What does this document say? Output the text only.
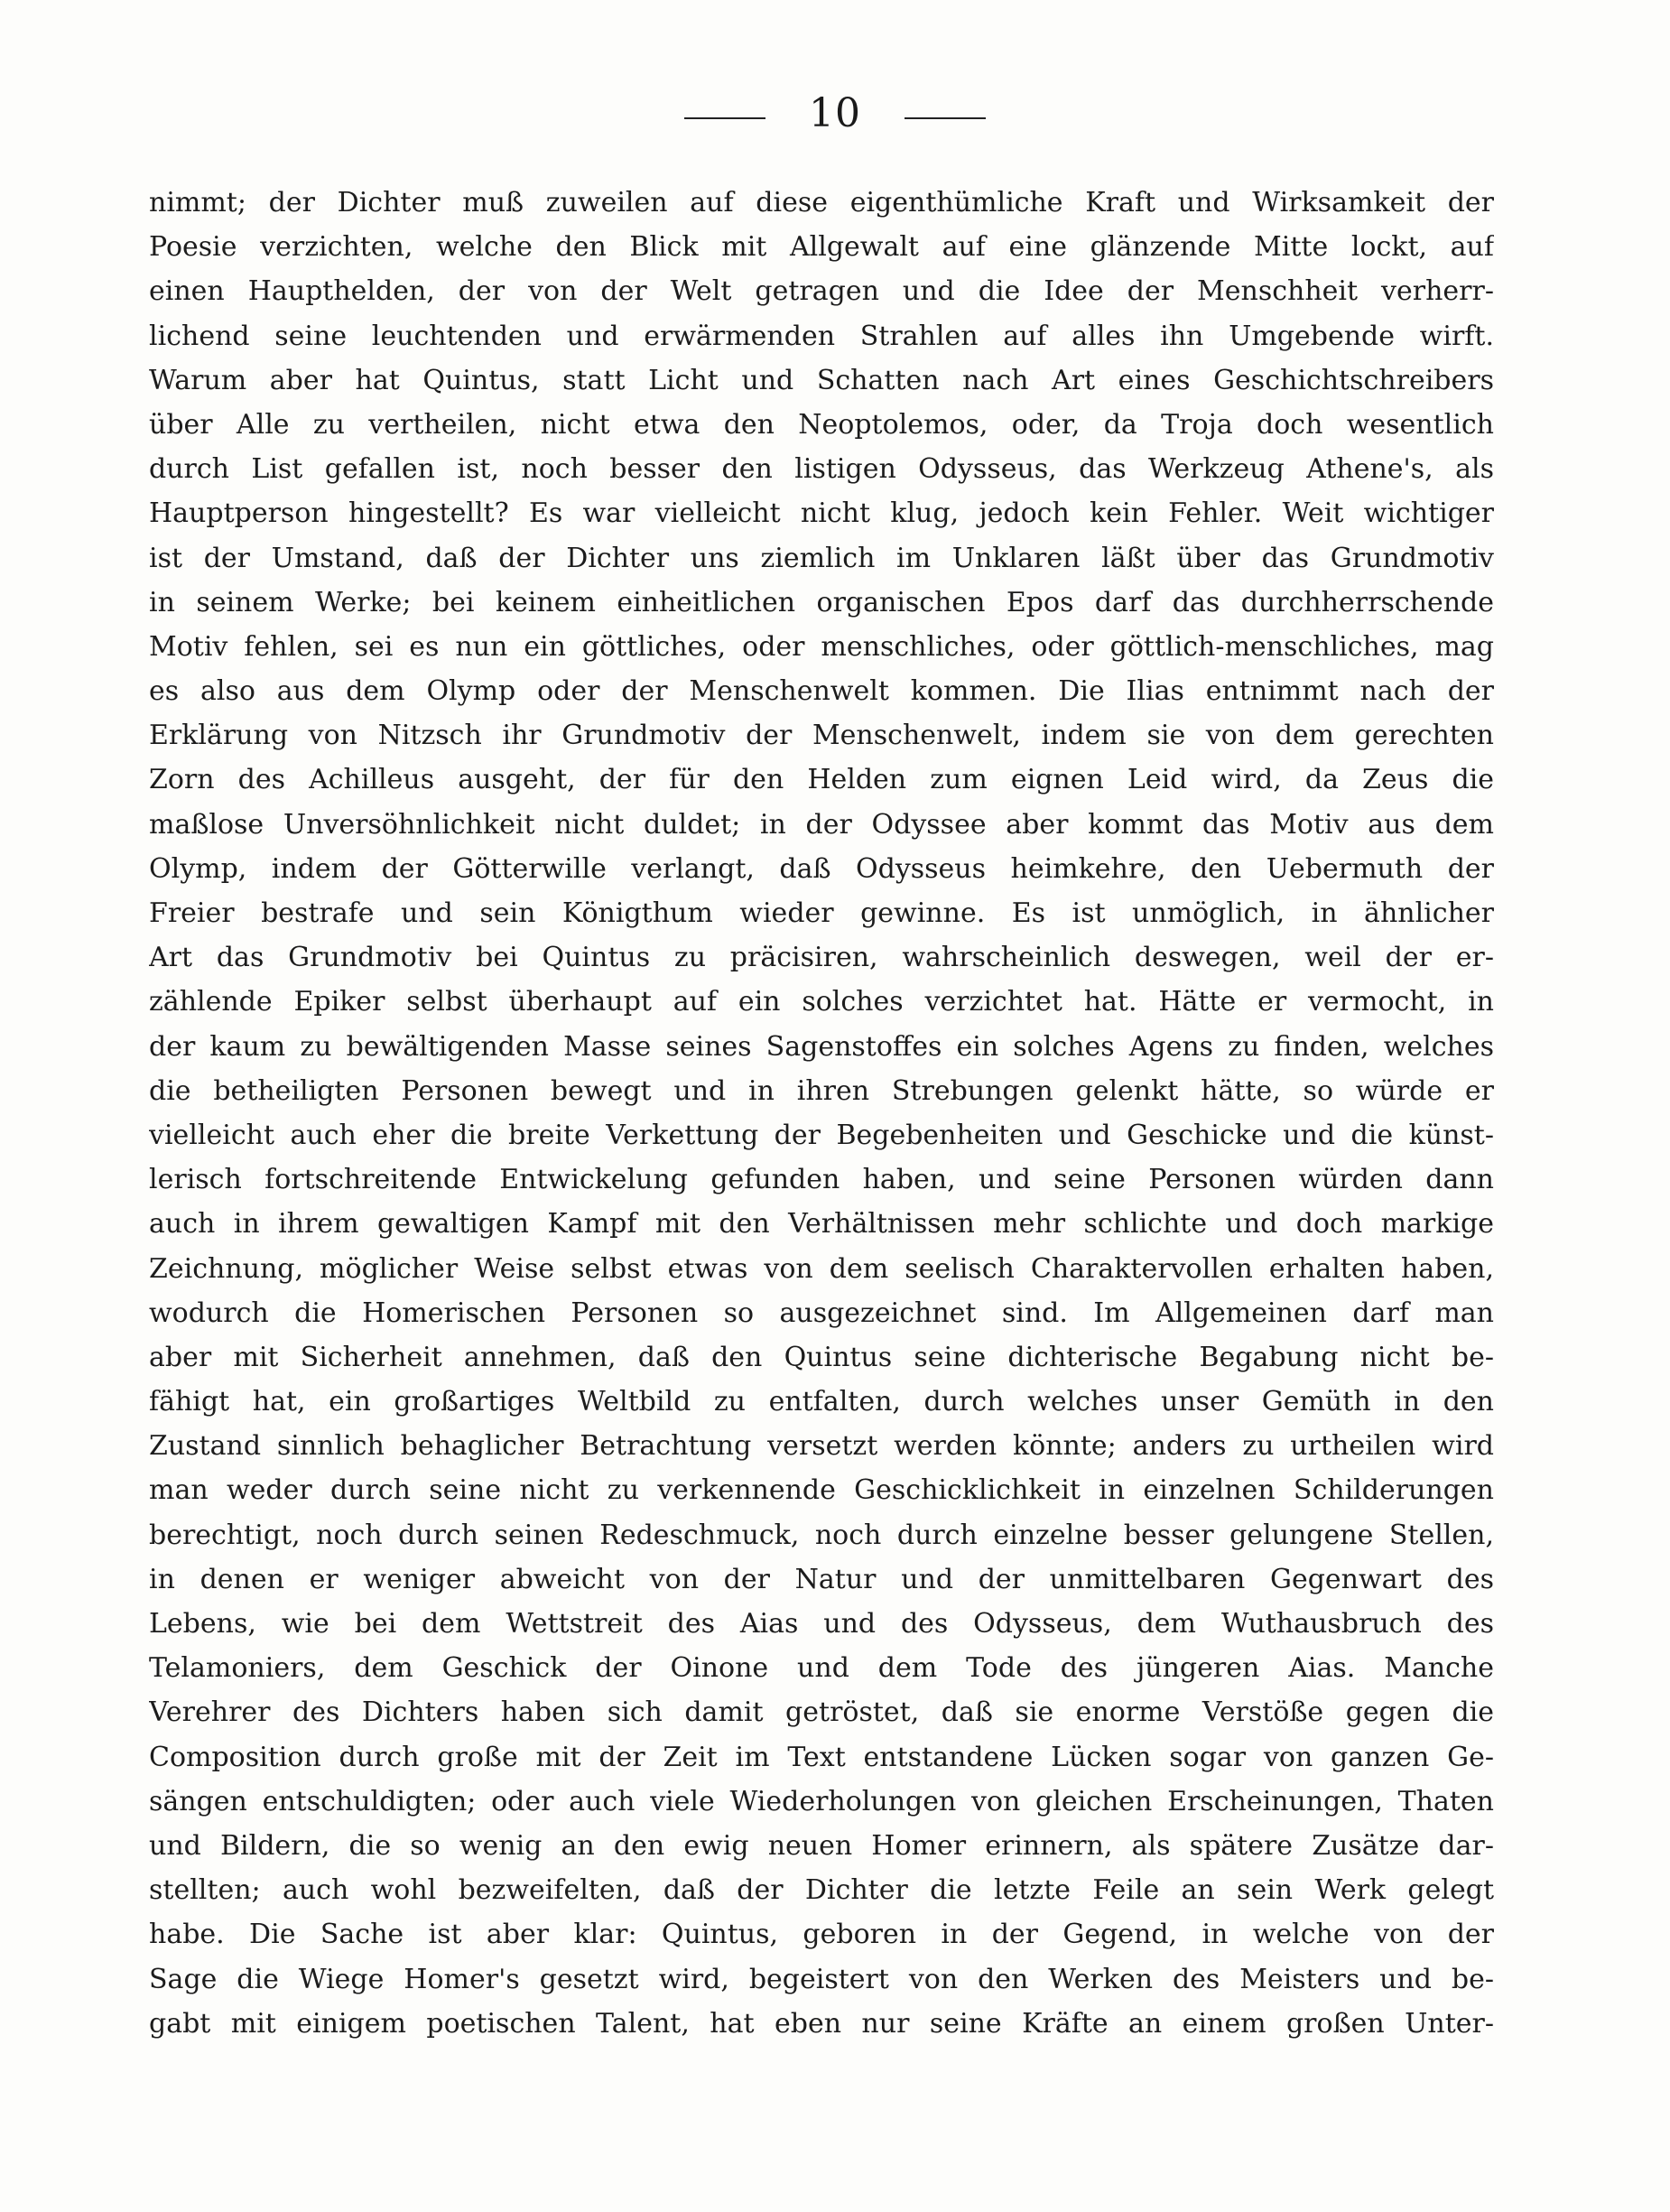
10
nimmt; der Dichter muß zuweilen auf diese eigenthümliche Kraft und Wirksamkeit der
Poesie verzichten, welche den Blick mit Allgewalt auf eine glänzende Mitte lockt, auf
einen Haupthelden, der von der Welt getragen und die Idee der Menschheit verherr-
lichend seine leuchtenden und erwärmenden Strahlen auf alles ihn Umgebende wirft.
Warum aber hat Quintus, statt Licht und Schatten nach Art eines Geschichtschreibers
über Alle zu vertheilen, nicht etwa den Neoptolemos, oder, da Troja doch wesentlich
durch List gefallen ist, noch besser den listigen Odysseus, das Werkzeug Athene's, als
Hauptperson hingestellt? Es war vielleicht nicht klug, jedoch kein Fehler. Weit wichtiger
ist der Umstand, daß der Dichter uns ziemlich im Unklaren läßt über das Grundmotiv
in seinem Werke; bei keinem einheitlichen organischen Epos darf das durchherrschende
Motiv fehlen, sei es nun ein göttliches, oder menschliches, oder göttlich-menschliches, mag
es also aus dem Olymp oder der Menschenwelt kommen. Die Ilias entnimmt nach der
Erklärung von Nitzsch ihr Grundmotiv der Menschenwelt, indem sie von dem gerechten
Zorn des Achilleus ausgeht, der für den Helden zum eignen Leid wird, da Zeus die
maßlose Unversöhnlichkeit nicht duldet; in der Odyssee aber kommt das Motiv aus dem
Olymp, indem der Götterwille verlangt, daß Odysseus heimkehre, den Uebermuth der
Freier bestrafe und sein Königthum wieder gewinne. Es ist unmöglich, in ähnlicher
Art das Grundmotiv bei Quintus zu präcisiren, wahrscheinlich deswegen, weil der er-
zählende Epiker selbst überhaupt auf ein solches verzichtet hat. Hätte er vermocht, in
der kaum zu bewältigenden Masse seines Sagenstoffes ein solches Agens zu finden, welches
die betheiligten Personen bewegt und in ihren Strebungen gelenkt hätte, so würde er
vielleicht auch eher die breite Verkettung der Begebenheiten und Geschicke und die künst-
lerisch fortschreitende Entwickelung gefunden haben, und seine Personen würden dann
auch in ihrem gewaltigen Kampf mit den Verhältnissen mehr schlichte und doch markige
Zeichnung, möglicher Weise selbst etwas von dem seelisch Charaktervollen erhalten haben,
wodurch die Homerischen Personen so ausgezeichnet sind. Im Allgemeinen darf man
aber mit Sicherheit annehmen, daß den Quintus seine dichterische Begabung nicht be-
fähigt hat, ein großartiges Weltbild zu entfalten, durch welches unser Gemüth in den
Zustand sinnlich behaglicher Betrachtung versetzt werden könnte; anders zu urtheilen wird
man weder durch seine nicht zu verkennende Geschicklichkeit in einzelnen Schilderungen
berechtigt, noch durch seinen Redeschmuck, noch durch einzelne besser gelungene Stellen,
in denen er weniger abweicht von der Natur und der unmittelbaren Gegenwart des
Lebens, wie bei dem Wettstreit des Aias und des Odysseus, dem Wuthausbruch des
Telamoniers, dem Geschick der Oinone und dem Tode des jüngeren Aias. Manche
Verehrer des Dichters haben sich damit getröstet, daß sie enorme Verstöße gegen die
Composition durch große mit der Zeit im Text entstandene Lücken sogar von ganzen Ge-
sängen entschuldigten; oder auch viele Wiederholungen von gleichen Erscheinungen, Thaten
und Bildern, die so wenig an den ewig neuen Homer erinnern, als spätere Zusätze dar-
stellten; auch wohl bezweifelten, daß der Dichter die letzte Feile an sein Werk gelegt
habe. Die Sache ist aber klar: Quintus, geboren in der Gegend, in welche von der
Sage die Wiege Homer's gesetzt wird, begeistert von den Werken des Meisters und be-
gabt mit einigem poetischen Talent, hat eben nur seine Kräfte an einem großen Unter-
